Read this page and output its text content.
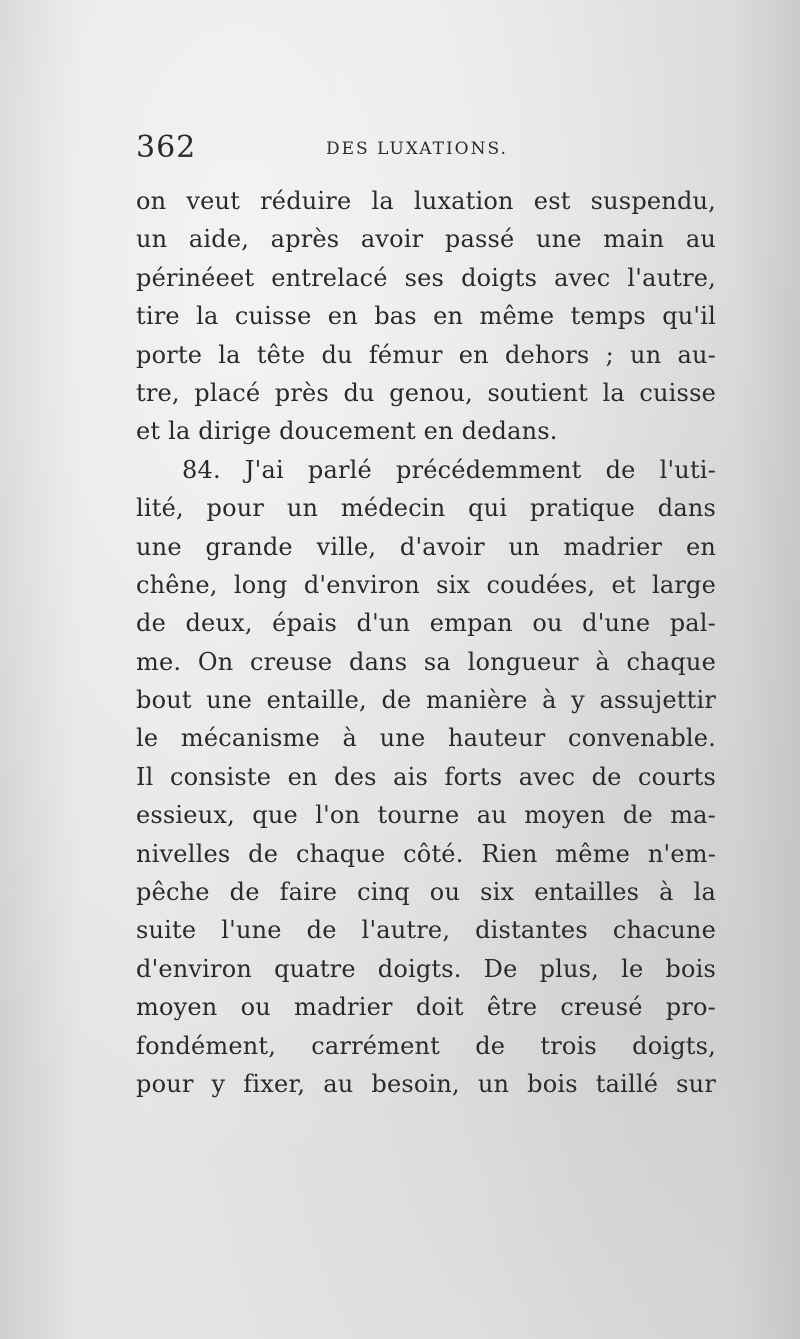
362	DES LUXATIONS.
on veut réduire la luxation est suspendu,
un aide, après avoir passé une main au
périnéeet entrelacé ses doigts avec l'autre,
tire la cuisse en bas en même temps qu'il
porte la tête du fémur en dehors ; un au-
tre, placé près du genou, soutient la cuisse
et la dirige doucement en dedans.
84. J'ai parlé précédemment de l'uti-
lité, pour un médecin qui pratique dans
une grande ville, d'avoir un madrier en
chêne, long d'environ six coudées, et large
de deux, épais d'un empan ou d'une pal-
me. On creuse dans sa longueur à chaque
bout une entaille, de manière à y assujettir
le mécanisme à une hauteur convenable.
Il consiste en des ais forts avec de courts
essieux, que l'on tourne au moyen de ma-
nivelles de chaque côté. Rien même n'em-
pêche de faire cinq ou six entailles à la
suite l'une de l'autre, distantes chacune
d'environ quatre doigts. De plus, le bois
moyen ou madrier doit être creusé pro-
fondément, carrément de trois doigts,
pour y fixer, au besoin, un bois taillé sur
